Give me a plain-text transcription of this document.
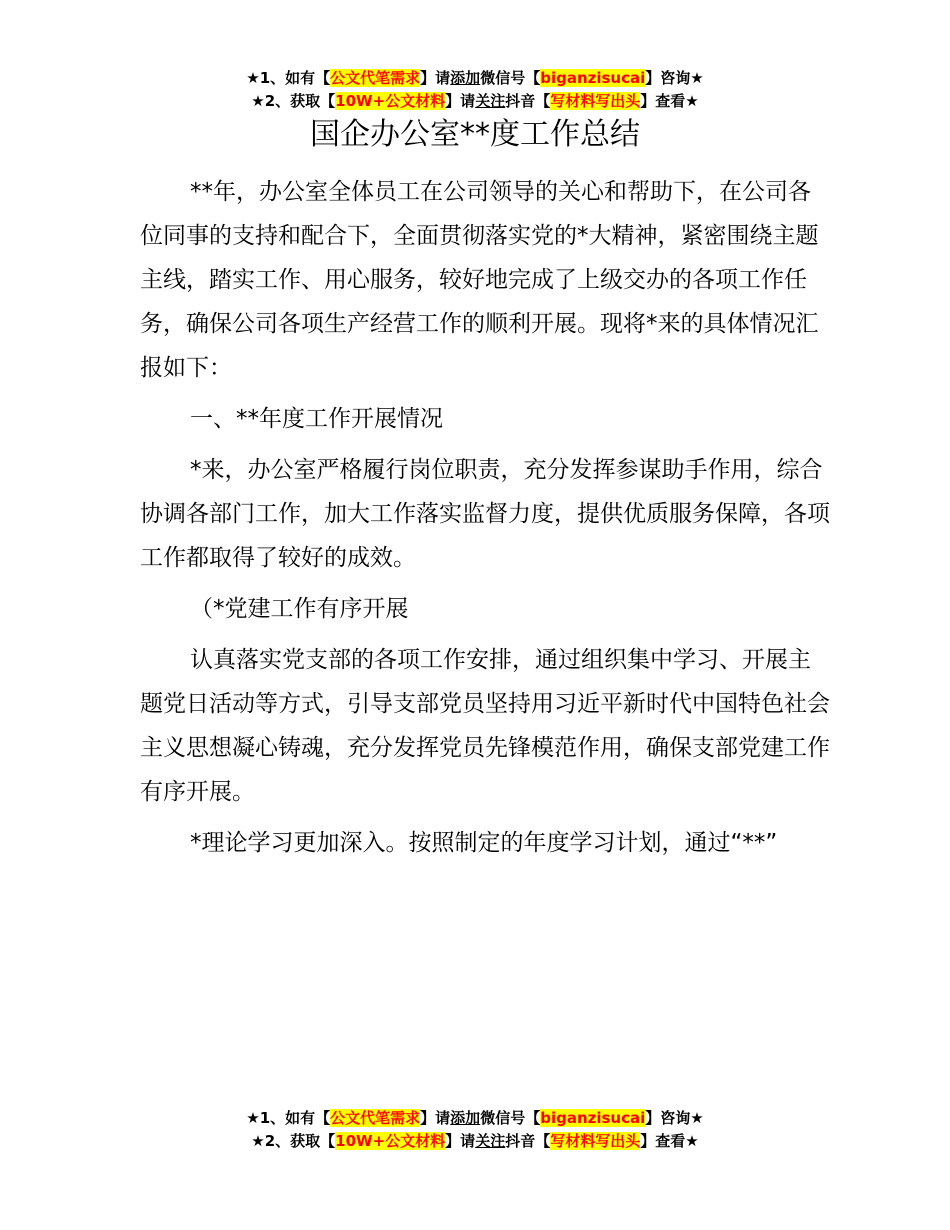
★1、如有【公文代笔需求】请添加微信号【biganzisucai】咨询★
★2、获取【10W+公文材料】请关注抖音【写材料写出头】查看★
国企办公室**度工作总结

**年，办公室全体员工在公司领导的关心和帮助下，在公司各位同事的支持和配合下，全面贯彻落实党的*大精神，紧密围绕主题主线，踏实工作、用心服务，较好地完成了上级交办的各项工作任务，确保公司各项生产经营工作的顺利开展。现将*来的具体情况汇报如下：

一、**年度工作开展情况

*来，办公室严格履行岗位职责，充分发挥参谋助手作用，综合协调各部门工作，加大工作落实监督力度，提供优质服务保障，各项工作都取得了较好的成效。

（*党建工作有序开展

认真落实党支部的各项工作安排，通过组织集中学习、开展主题党日活动等方式，引导支部党员坚持用习近平新时代中国特色社会主义思想凝心铸魂，充分发挥党员先锋模范作用，确保支部党建工作有序开展。

*理论学习更加深入。按照制定的年度学习计划，通过“**”

★1、如有【公文代笔需求】请添加微信号【biganzisucai】咨询★
★2、获取【10W+公文材料】请关注抖音【写材料写出头】查看★
